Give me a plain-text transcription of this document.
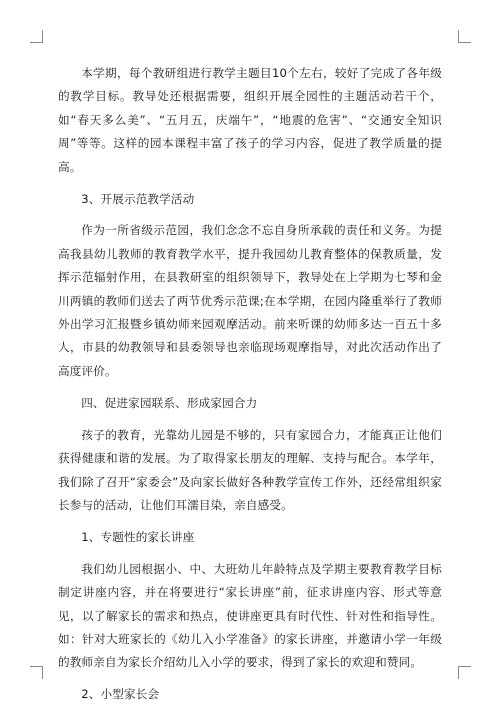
本学期，每个教研组进行教学主题目10个左右，较好了完成了各年级的教学目标。教导处还根据需要，组织开展全园性的主题活动若干个，如“春天多么美”、“五月五，庆端午”，“地震的危害”、“交通安全知识周”等等。这样的园本课程丰富了孩子的学习内容，促进了教学质量的提高。

3、开展示范教学活动

作为一所省级示范园，我们念念不忘自身所承载的责任和义务。为提高我县幼儿教师的教育教学水平，提升我园幼儿教育整体的保教质量，发挥示范辐射作用，在县教研室的组织领导下，教导处在上学期为七琴和金川两镇的教师们送去了两节优秀示范课;在本学期，在园内隆重举行了教师外出学习汇报暨乡镇幼师来园观摩活动。前来听课的幼师多达一百五十多人，市县的幼教领导和县委领导也亲临现场观摩指导，对此次活动作出了高度评价。

四、促进家园联系、形成家园合力

孩子的教育，光靠幼儿园是不够的，只有家园合力，才能真正让他们获得健康和谐的发展。为了取得家长朋友的理解、支持与配合。本学年，我们除了召开“家委会”及向家长做好各种教学宣传工作外，还经常组织家长参与的活动，让他们耳濡目染，亲自感受。

1、专题性的家长讲座

我们幼儿园根据小、中、大班幼儿年龄特点及学期主要教育教学目标制定讲座内容，并在将要进行“家长讲座”前，征求讲座内容、形式等意见，以了解家长的需求和热点，使讲座更具有时代性、针对性和指导性。如：针对大班家长的《幼儿入小学准备》的家长讲座，并邀请小学一年级的教师亲自为家长介绍幼儿入小学的要求，得到了家长的欢迎和赞同。

2、小型家长会
